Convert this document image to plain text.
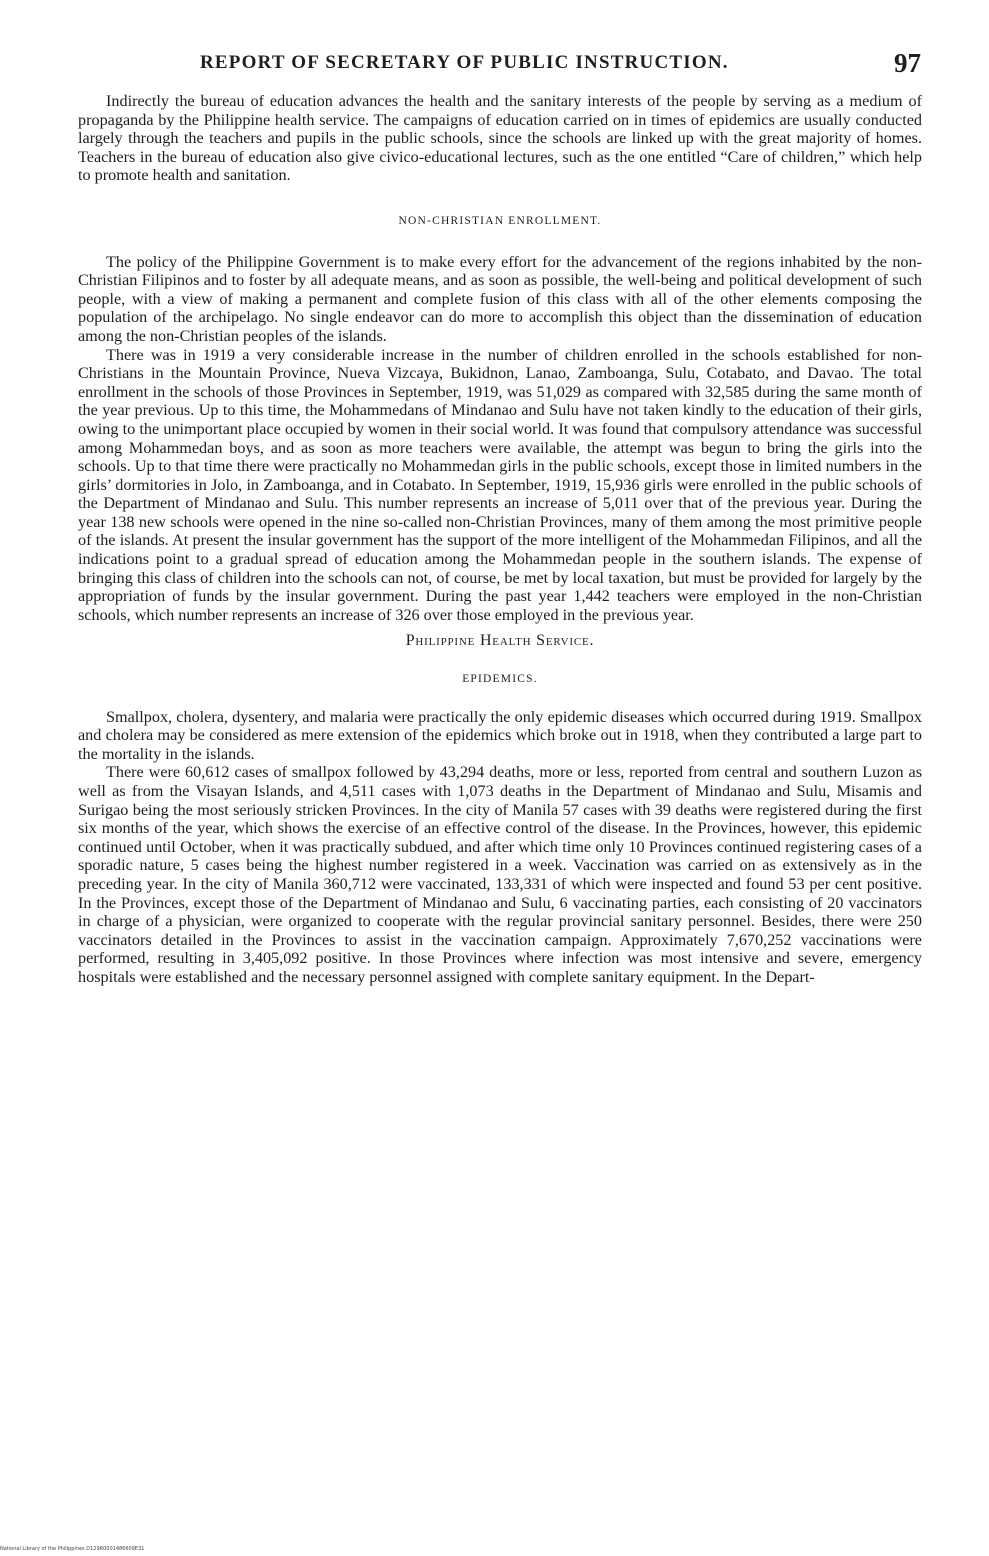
REPORT OF SECRETARY OF PUBLIC INSTRUCTION.	97

Indirectly the bureau of education advances the health and the sanitary interests of the people by serving as a medium of propaganda by the Philippine health service. The campaigns of education carried on in times of epidemics are usually conducted largely through the teachers and pupils in the public schools, since the schools are linked up with the great majority of homes. Teachers in the bureau of education also give civico-educational lectures, such as the one entitled “Care of children,” which help to promote health and sanitation.

NON-CHRISTIAN ENROLLMENT.

The policy of the Philippine Government is to make every effort for the advancement of the regions inhabited by the non-Christian Filipinos and to foster by all adequate means, and as soon as possible, the well-being and political development of such people, with a view of making a permanent and complete fusion of this class with all of the other elements composing the population of the archipelago. No single endeavor can do more to accomplish this object than the dissemination of education among the non-Christian peoples of the islands.

There was in 1919 a very considerable increase in the number of children enrolled in the schools established for non-Christians in the Mountain Province, Nueva Vizcaya, Bukidnon, Lanao, Zamboanga, Sulu, Cotabato, and Davao. The total enrollment in the schools of those Provinces in September, 1919, was 51,029 as compared with 32,585 during the same month of the year previous. Up to this time, the Mohammedans of Mindanao and Sulu have not taken kindly to the education of their girls, owing to the unimportant place occupied by women in their social world. It was found that compulsory attendance was successful among Mohammedan boys, and as soon as more teachers were available, the attempt was begun to bring the girls into the schools. Up to that time there were practically no Mohammedan girls in the public schools, except those in limited numbers in the girls’ dormitories in Jolo, in Zamboanga, and in Cotabato. In September, 1919, 15,936 girls were enrolled in the public schools of the Department of Mindanao and Sulu. This number represents an increase of 5,011 over that of the previous year. During the year 138 new schools were opened in the nine so-called non-Christian Provinces, many of them among the most primitive people of the islands. At present the insular government has the support of the more intelligent of the Mohammedan Filipinos, and all the indications point to a gradual spread of education among the Mohammedan people in the southern islands. The expense of bringing this class of children into the schools can not, of course, be met by local taxation, but must be provided for largely by the appropriation of funds by the insular government. During the past year 1,442 teachers were employed in the non-Christian schools, which number represents an increase of 326 over those employed in the previous year.

Philippine Health Service.

EPIDEMICS.

Smallpox, cholera, dysentery, and malaria were practically the only epidemic diseases which occurred during 1919. Smallpox and cholera may be considered as mere extension of the epidemics which broke out in 1918, when they contributed a large part to the mortality in the islands.

There were 60,612 cases of smallpox followed by 43,294 deaths, more or less, reported from central and southern Luzon as well as from the Visayan Islands, and 4,511 cases with 1,073 deaths in the Department of Mindanao and Sulu, Misamis and Surigao being the most seriously stricken Provinces. In the city of Manila 57 cases with 39 deaths were registered during the first six months of the year, which shows the exercise of an effective control of the disease. In the Provinces, however, this epidemic continued until October, when it was practically subdued, and after which time only 10 Provinces continued registering cases of a sporadic nature, 5 cases being the highest number registered in a week. Vaccination was carried on as extensively as in the preceding year. In the city of Manila 360,712 were vaccinated, 133,331 of which were inspected and found 53 per cent positive. In the Provinces, except those of the Department of Mindanao and Sulu, 6 vaccinating parties, each consisting of 20 vaccinators in charge of a physician, were organized to cooperate with the regular provincial sanitary personnel. Besides, there were 250 vaccinators detailed in the Provinces to assist in the vaccination campaign. Approximately 7,670,252 vaccinations were performed, resulting in 3,405,092 positive. In those Provinces where infection was most intensive and severe, emergency hospitals were established and the necessary personnel assigned with complete sanitary equipment. In the Depart-

National Library of the Philippines D129R0001486609E31
